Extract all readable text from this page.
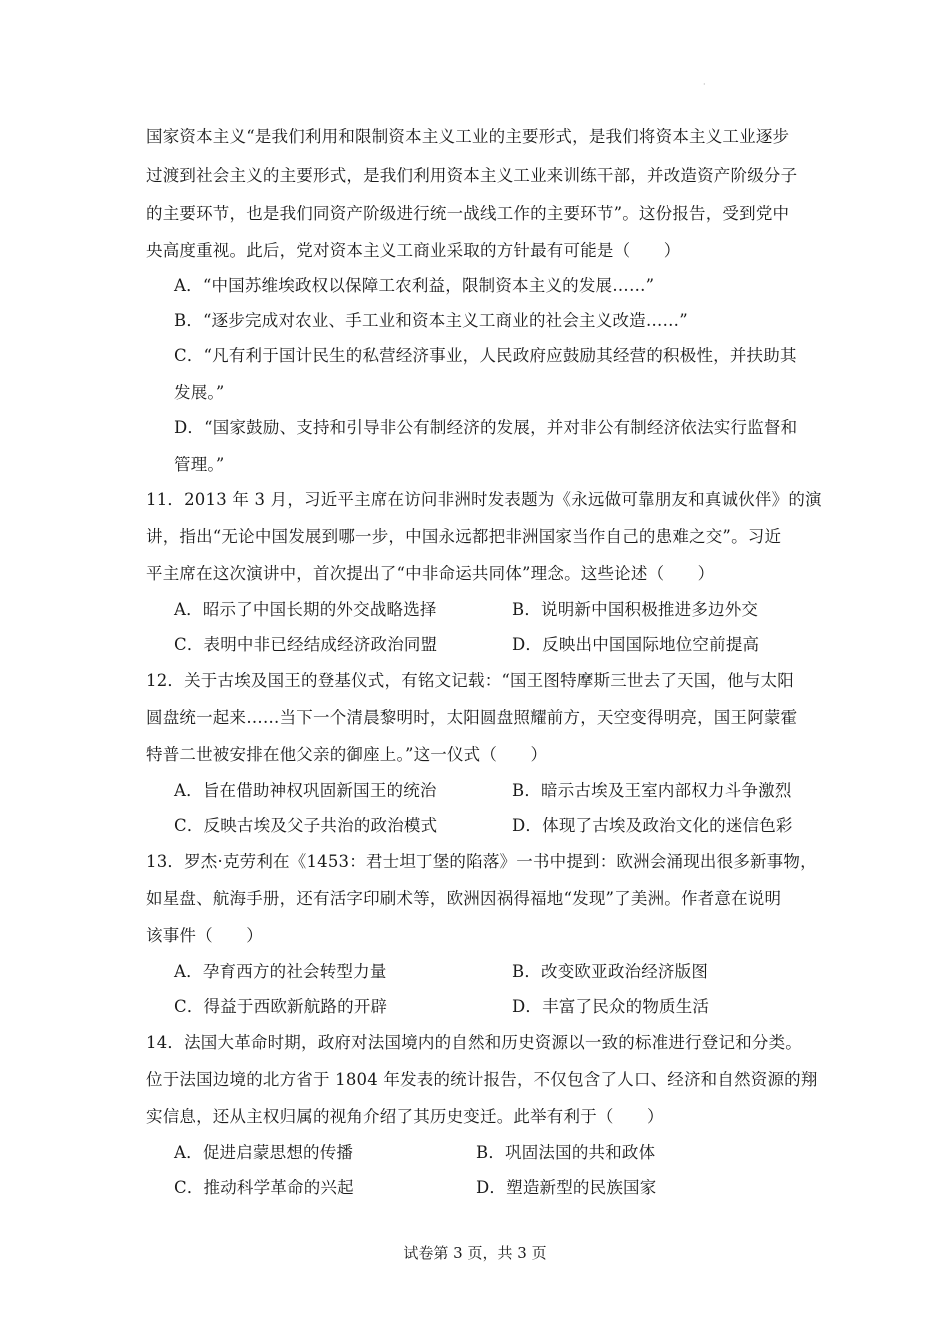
·
国家资本主义“是我们利用和限制资本主义工业的主要形式，是我们将资本主义工业逐步
过渡到社会主义的主要形式，是我们利用资本主义工业来训练干部，并改造资产阶级分子
的主要环节，也是我们同资产阶级进行统一战线工作的主要环节”。这份报告，受到党中
央高度重视。此后，党对资本主义工商业采取的方针最有可能是（　　）
A．“中国苏维埃政权以保障工农利益，限制资本主义的发展……”
B．“逐步完成对农业、手工业和资本主义工商业的社会主义改造……”
C．“凡有利于国计民生的私营经济事业，人民政府应鼓励其经营的积极性，并扶助其
发展。”
D．“国家鼓励、支持和引导非公有制经济的发展，并对非公有制经济依法实行监督和
管理。”
11．2013 年 3 月，习近平主席在访问非洲时发表题为《永远做可靠朋友和真诚伙伴》的演
讲，指出“无论中国发展到哪一步，中国永远都把非洲国家当作自己的患难之交”。习近
平主席在这次演讲中，首次提出了“中非命运共同体”理念。这些论述（　　）
A．昭示了中国长期的外交战略选择	B．说明新中国积极推进多边外交
C．表明中非已经结成经济政治同盟	D．反映出中国国际地位空前提高
12．关于古埃及国王的登基仪式，有铭文记载：“国王图特摩斯三世去了天国，他与太阳
圆盘统一起来……当下一个清晨黎明时，太阳圆盘照耀前方，天空变得明亮，国王阿蒙霍
特普二世被安排在他父亲的御座上。”这一仪式（　　）
A．旨在借助神权巩固新国王的统治	B．暗示古埃及王室内部权力斗争激烈
C．反映古埃及父子共治的政治模式	D．体现了古埃及政治文化的迷信色彩
13．罗杰·克劳利在《1453：君士坦丁堡的陷落》一书中提到：欧洲会涌现出很多新事物，
如星盘、航海手册，还有活字印刷术等，欧洲因祸得福地“发现”了美洲。作者意在说明
该事件（　　）
A．孕育西方的社会转型力量	B．改变欧亚政治经济版图
C．得益于西欧新航路的开辟	D．丰富了民众的物质生活
14．法国大革命时期，政府对法国境内的自然和历史资源以一致的标准进行登记和分类。
位于法国边境的北方省于 1804 年发表的统计报告，不仅包含了人口、经济和自然资源的翔
实信息，还从主权归属的视角介绍了其历史变迁。此举有利于（　　）
A．促进启蒙思想的传播	B．巩固法国的共和政体
C．推动科学革命的兴起	D．塑造新型的民族国家
试卷第 3 页，共 3 页
